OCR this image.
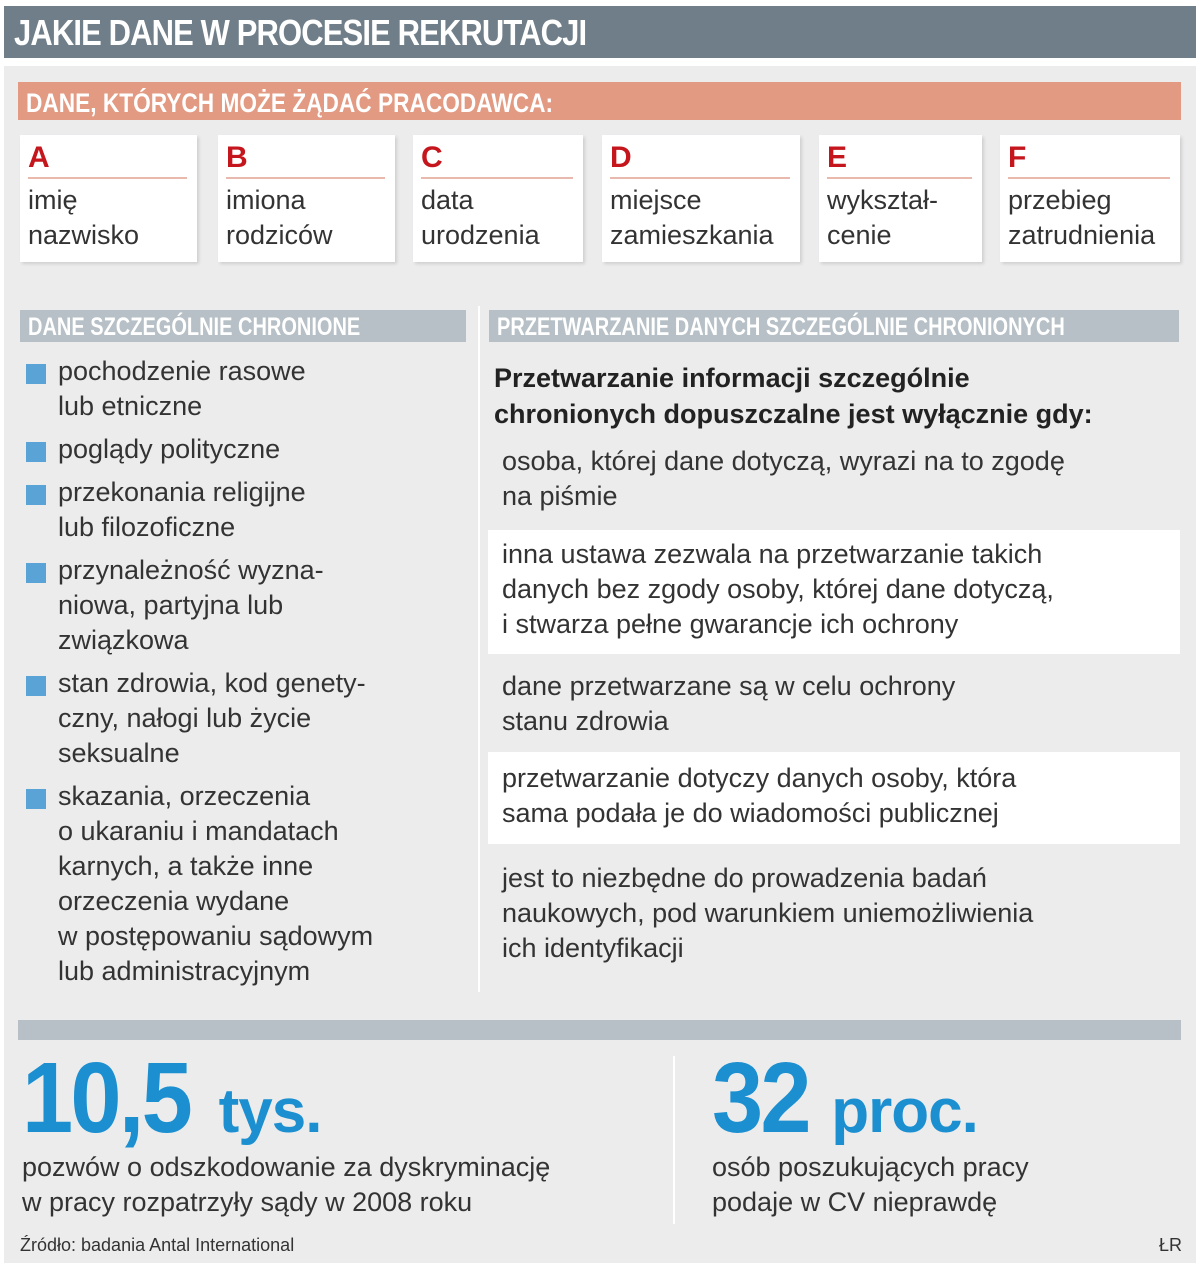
JAKIE DANE W PROCESIE REKRUTACJI
DANE, KTÓRYCH MOŻE ŻĄDAĆ PRACODAWCA:
A
imię
nazwisko
B
imiona
rodziców
C
data
urodzenia
D
miejsce
zamieszkania
E
wykształ-
cenie
F
przebieg
zatrudnienia
DANE SZCZEGÓLNIE CHRONIONE
pochodzenie rasowe
lub etniczne
poglądy polityczne
przekonania religijne
lub filozoficzne
przynależność wyzna-
niowa, partyjna lub
związkowa
stan zdrowia, kod genety-
czny, nałogi lub życie
seksualne
skazania, orzeczenia
o ukaraniu i mandatach
karnych, a także inne
orzeczenia wydane
w postępowaniu sądowym
lub administracyjnym
PRZETWARZANIE DANYCH SZCZEGÓLNIE CHRONIONYCH
Przetwarzanie informacji szczególnie
chronionych dopuszczalne jest wyłącznie gdy:
osoba, której dane dotyczą, wyrazi na to zgodę
na piśmie
inna ustawa zezwala na przetwarzanie takich
danych bez zgody osoby, której dane dotyczą,
i stwarza pełne gwarancje ich ochrony
dane przetwarzane są w celu ochrony
stanu zdrowia
przetwarzanie dotyczy danych osoby, która
sama podała je do wiadomości publicznej
jest to niezbędne do prowadzenia badań
naukowych, pod warunkiem uniemożliwienia
ich identyfikacji
10,5 tys.
pozwów o odszkodowanie za dyskryminację
w pracy rozpatrzyły sądy w 2008 roku
32 proc.
osób poszukujących pracy
podaje w CV nieprawdę
Źródło: badania Antal International	ŁR
